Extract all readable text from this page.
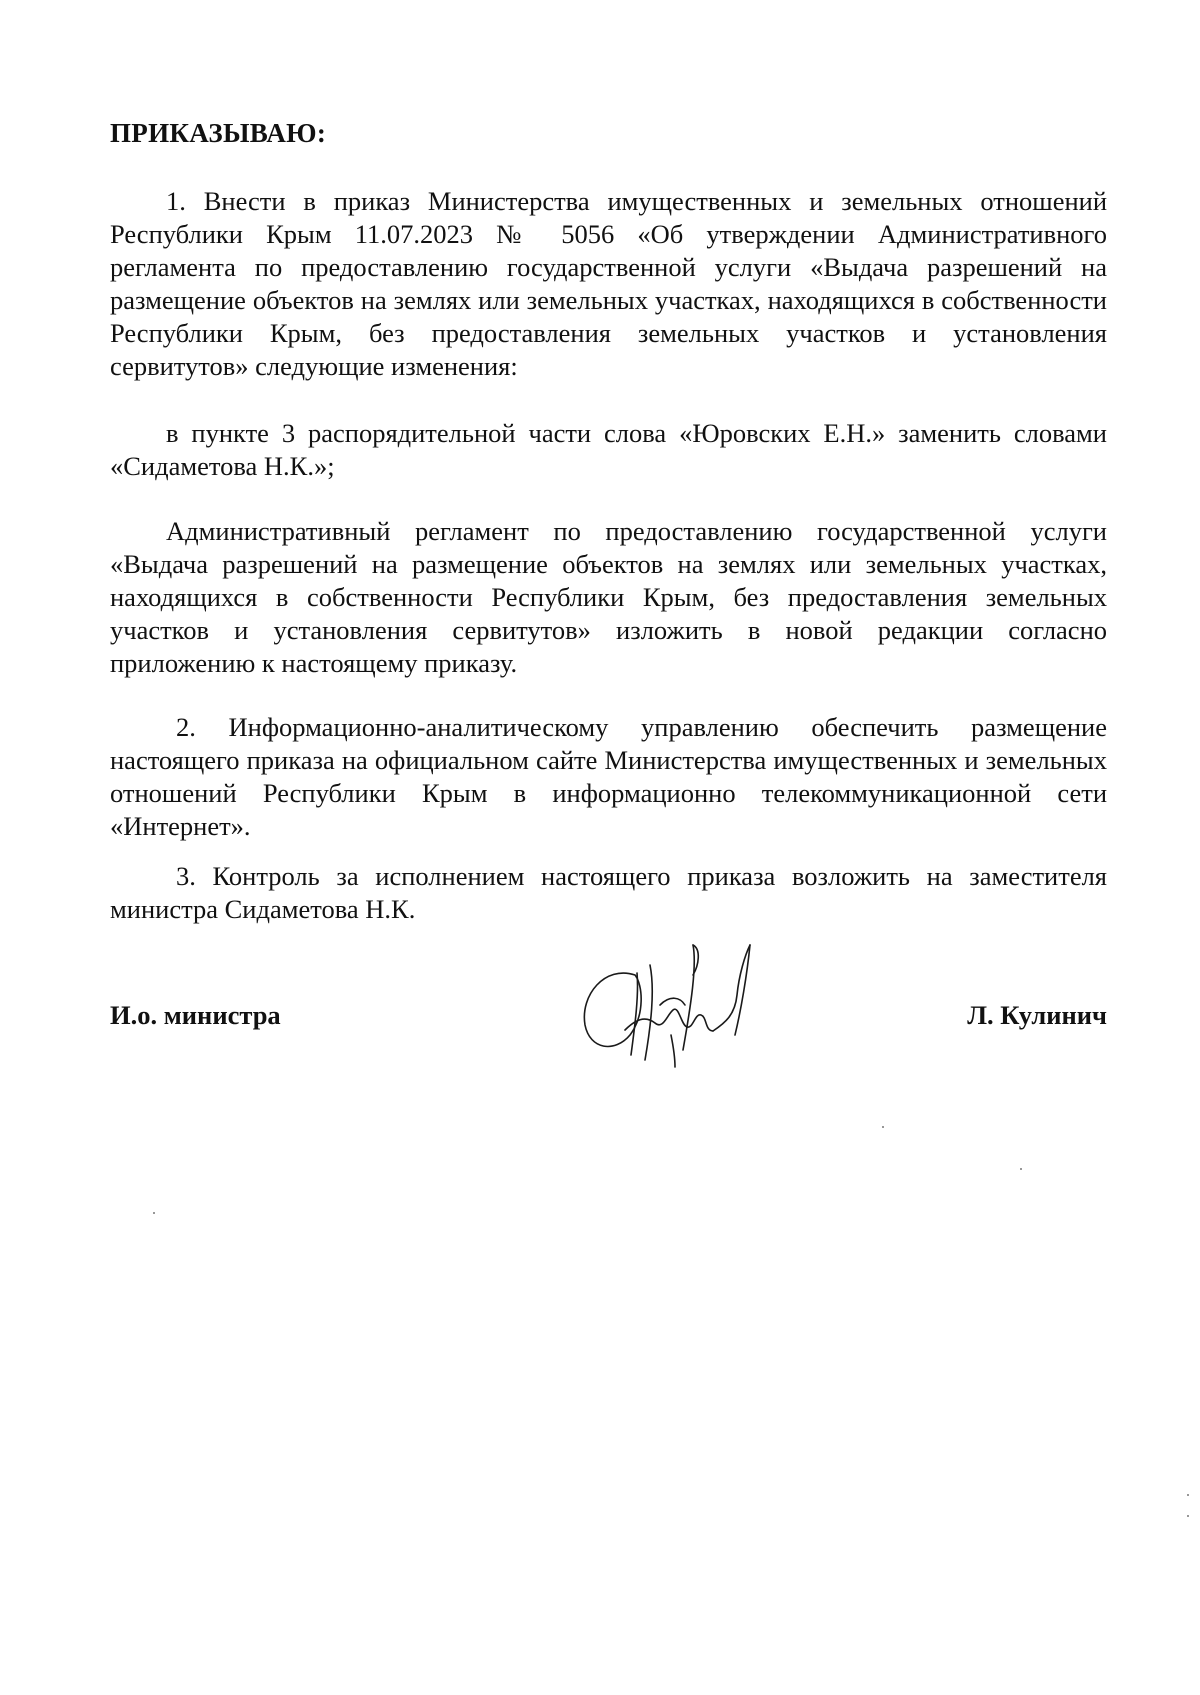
ПРИКАЗЫВАЮ:
1. Внести в приказ Министерства имущественных и земельных отношений Республики Крым 11.07.2023 № 5056 «Об утверждении Административного регламента по предоставлению государственной услуги «Выдача разрешений на размещение объектов на землях или земельных участках, находящихся в собственности Республики Крым, без предоставления земельных участков и установления сервитутов» следующие изменения:
в пункте 3 распорядительной части слова «Юровских Е.Н.» заменить словами «Сидаметова Н.К.»;
Административный регламент по предоставлению государственной услуги «Выдача разрешений на размещение объектов на землях или земельных участках, находящихся в собственности Республики Крым, без предоставления земельных участков и установления сервитутов» изложить в новой редакции согласно приложению к настоящему приказу.
2. Информационно-аналитическому управлению обеспечить размещение настоящего приказа на официальном сайте Министерства имущественных и земельных отношений Республики Крым в информационно телекоммуникационной сети «Интернет».
3. Контроль за исполнением настоящего приказа возложить на заместителя министра Сидаметова Н.К.
И.о. министра	Л. Кулинич
